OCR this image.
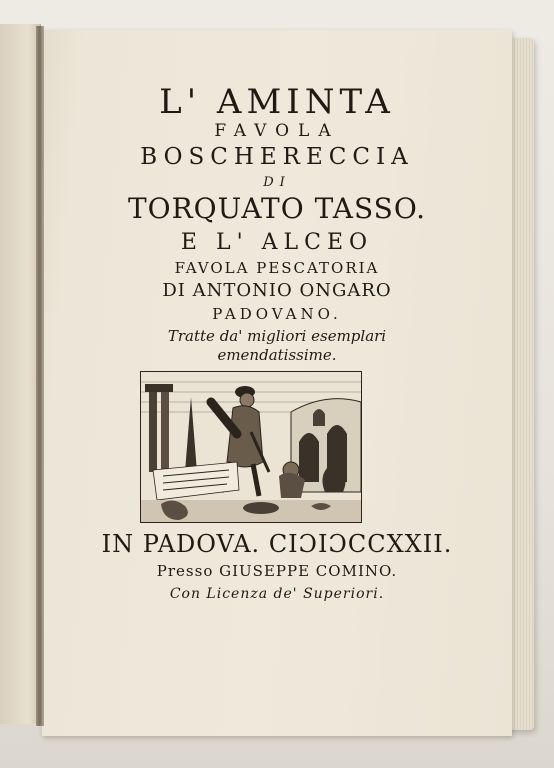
L' AMINTA
FAVOLA
BOSCHERECCIA
DI
TORQUATO TASSO.
E L' ALCEO
FAVOLA PESCATORIA
DI ANTONIO ONGARO
PADOVANO.
Tratte da' migliori esemplari
emendatissime.
IN PADOVA. CIƆIƆCCXXII.
Presso GIUSEPPE COMINO.
Con Licenza de' Superiori.
